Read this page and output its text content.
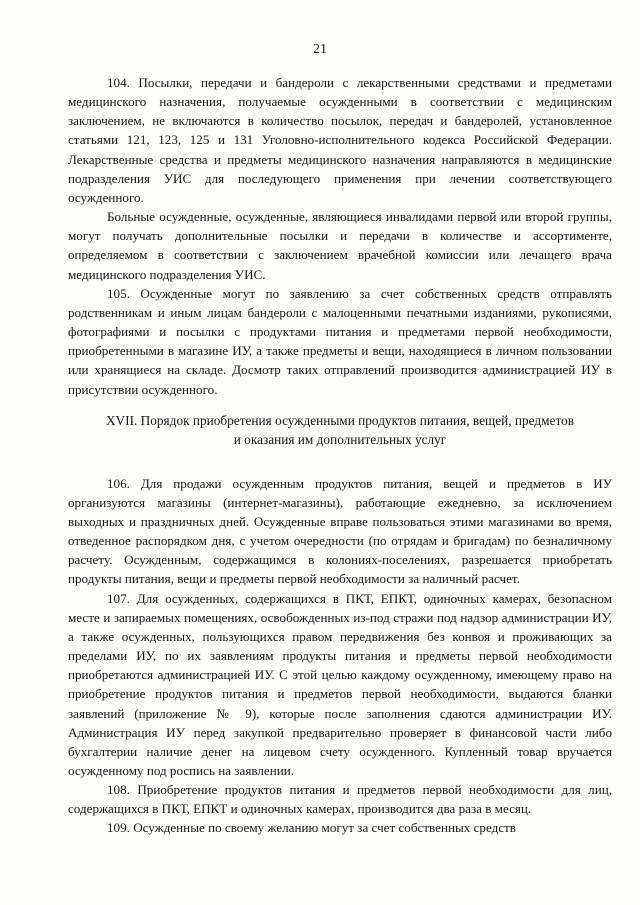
21

104. Посылки, передачи и бандероли с лекарственными средствами и предметами медицинского назначения, получаемые осужденными в соответствии с медицинским заключением, не включаются в количество посылок, передач и бандеролей, установленное статьями 121, 123, 125 и 131 Уголовно-исполнительного кодекса Российской Федерации. Лекарственные средства и предметы медицинского назначения направляются в медицинские подразделения УИС для последующего применения при лечении соответствующего осужденного.

Больные осужденные, осужденные, являющиеся инвалидами первой или второй группы, могут получать дополнительные посылки и передачи в количестве и ассортименте, определяемом в соответствии с заключением врачебной комиссии или лечащего врача медицинского подразделения УИС.

105. Осужденные могут по заявлению за счет собственных средств отправлять родственникам и иным лицам бандероли с малоценными печатными изданиями, рукописями, фотографиями и посылки с продуктами питания и предметами первой необходимости, приобретенными в магазине ИУ, а также предметы и вещи, находящиеся в личном пользовании или хранящиеся на складе. Досмотр таких отправлений производится администрацией ИУ в присутствии осужденного.

XVII. Порядок приобретения осужденными продуктов питания, вещей, предметов
и оказания им дополнительных услуг

106. Для продажи осужденным продуктов питания, вещей и предметов в ИУ организуются магазины (интернет-магазины), работающие ежедневно, за исключением выходных и праздничных дней. Осужденные вправе пользоваться этими магазинами во время, отведенное распорядком дня, с учетом очередности (по отрядам и бригадам) по безналичному расчету. Осужденным, содержащимся в колониях-поселениях, разрешается приобретать продукты питания, вещи и предметы первой необходимости за наличный расчет.

107. Для осужденных, содержащихся в ПКТ, ЕПКТ, одиночных камерах, безопасном месте и запираемых помещениях, освобожденных из-под стражи под надзор администрации ИУ, а также осужденных, пользующихся правом передвижения без конвоя и проживающих за пределами ИУ, по их заявлениям продукты питания и предметы первой необходимости приобретаются администрацией ИУ. С этой целью каждому осужденному, имеющему право на приобретение продуктов питания и предметов первой необходимости, выдаются бланки заявлений (приложение № 9), которые после заполнения сдаются администрации ИУ. Администрация ИУ перед закупкой предварительно проверяет в финансовой части либо бухгалтерии наличие денег на лицевом счету осужденного. Купленный товар вручается осужденному под роспись на заявлении.

108. Приобретение продуктов питания и предметов первой необходимости для лиц, содержащихся в ПКТ, ЕПКТ и одиночных камерах, производится два раза в месяц.

109. Осужденные по своему желанию могут за счет собственных средств
